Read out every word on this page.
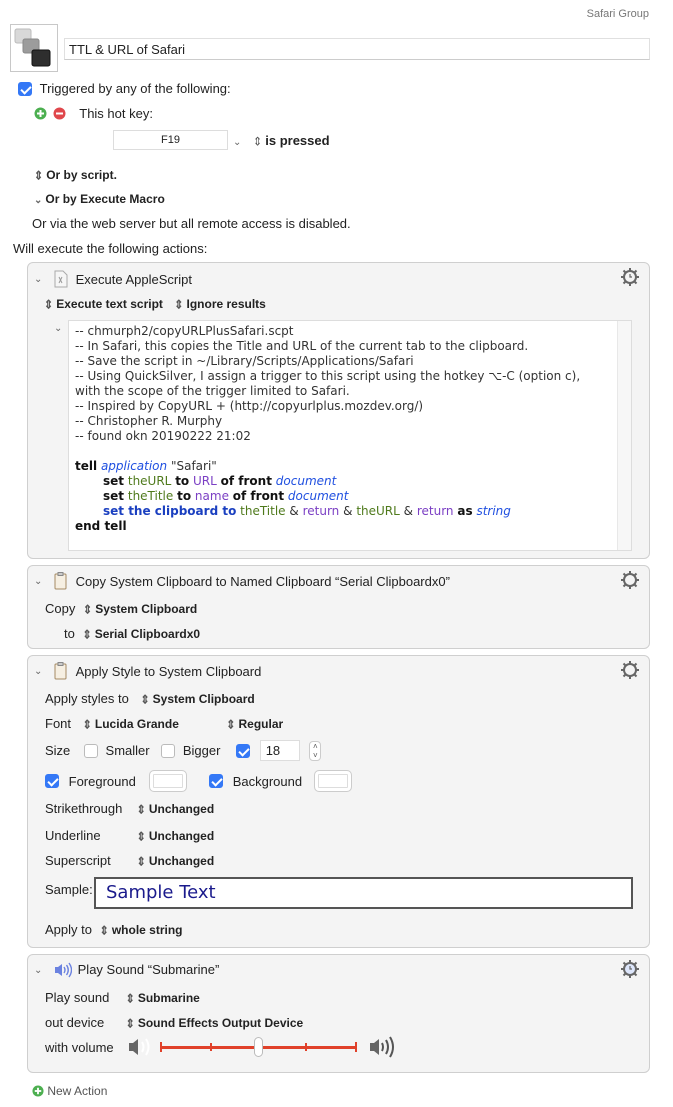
Safari Group
TTL & URL of Safari
Triggered by any of the following:
This hot key:
F19	⌄ ⇕ is pressed
⇕ Or by script.
⌄ Or by Execute Macro
Or via the web server but all remote access is disabled.
Will execute the following actions:
⌄	Execute AppleScript
⇕ Execute text script ⇕ Ignore results
⌄ -- chmurph2/copyURLPlusSafari.scpt
-- In Safari, this copies the Title and URL of the current tab to the clipboard.
-- Save the script in ~/Library/Scripts/Applications/Safari
-- Using QuickSilver, I assign a trigger to this script using the hotkey ⌥-C (option c),
with the scope of the trigger limited to Safari.
-- Inspired by CopyURL + (http://copyurlplus.mozdev.org/)
-- Christopher R. Murphy
-- found okn 20190222 21:02

tell application "Safari"
set theURL to URL of front document
set theTitle to name of front document
set the clipboard to theTitle & return & theURL & return as string
end tell
⌄	Copy System Clipboard to Named Clipboard “Serial Clipboardx0”
Copy ⇕ System Clipboard
to ⇕ Serial Clipboardx0
⌄	Apply Style to System Clipboard
Apply styles to ⇕ System Clipboard
Font ⇕ Lucida Grande	⇕ Regular
Size	Smaller	Bigger	18	˄
˅
Foreground	Background
Strikethrough ⇕ Unchanged
Underline	⇕ Unchanged
Superscript ⇕ Unchanged
Sample: Sample Text
Apply to ⇕ whole string
⌄	Play Sound “Submarine”
Play sound ⇕ Submarine
out device ⇕ Sound Effects Output Device
with volume
New Action
